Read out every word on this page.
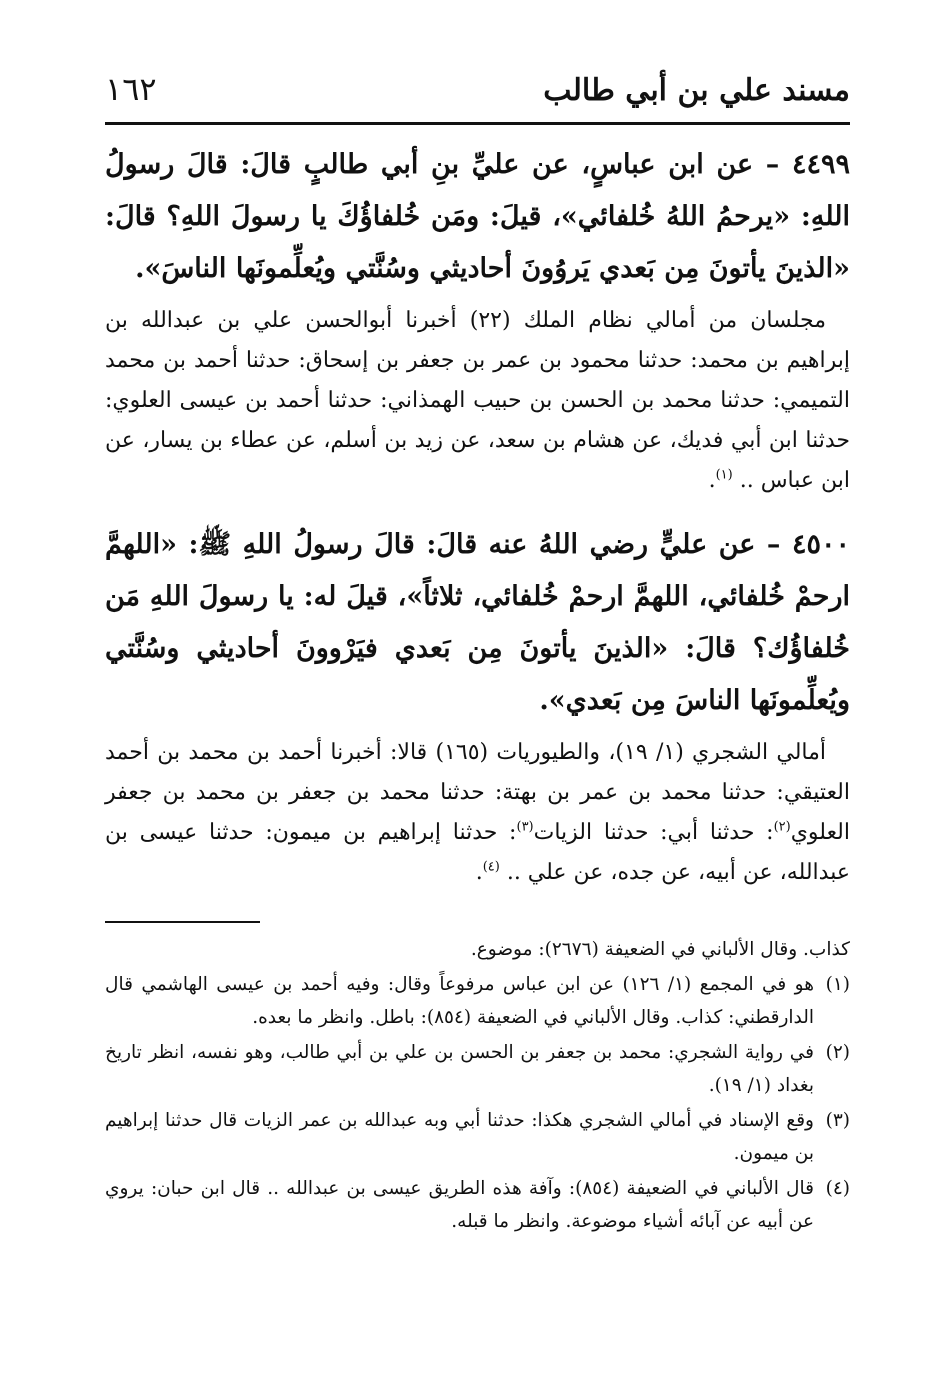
مسند علي بن أبي طالب
١٦٢

٤٤٩٩ – عن ابن عباسٍ، عن عليِّ بنِ أبي طالبٍ قالَ: قالَ رسولُ اللهِ: «يرحمُ اللهُ خُلفائي»، قيلَ: ومَن خُلفاؤُكَ يا رسولَ اللهِ؟ قالَ: «الذينَ يأتونَ مِن بَعدي يَروُونَ أحاديثي وسُنَّتي ويُعلِّمونَها الناسَ».

مجلسان من أمالي نظام الملك (٢٢) أخبرنا أبوالحسن علي بن عبدالله بن إبراهيم بن محمد: حدثنا محمود بن عمر بن جعفر بن إسحاق: حدثنا أحمد بن محمد التميمي: حدثنا محمد بن الحسن بن حبيب الهمذاني: حدثنا أحمد بن عيسى العلوي: حدثنا ابن أبي فديك، عن هشام بن سعد، عن زيد بن أسلم، عن عطاء بن يسار، عن ابن عباس .. $^{(١)}$.

٤٥٠٠ – عن عليٍّ رضي اللهُ عنه قالَ: قالَ رسولُ اللهِ ﷺ: «اللهمَّ ارحمْ خُلفائي، اللهمَّ ارحمْ خُلفائي، ثلاثاً»، قيلَ له: يا رسولَ اللهِ مَن خُلفاؤُك؟ قالَ: «الذينَ يأتونَ مِن بَعدي فيَرْوونَ أحاديثي وسُنَّتي ويُعلِّمونَها الناسَ مِن بَعدي».

أمالي الشجري (١/ ١٩)، والطيوريات (١٦٥) قالا: أخبرنا أحمد بن محمد بن أحمد العتيقي: حدثنا محمد بن عمر بن بهتة: حدثنا محمد بن جعفر بن محمد بن جعفر العلوي$^{(٢)}$: حدثنا أبي: حدثنا الزيات$^{(٣)}$: حدثنا إبراهيم بن ميمون: حدثنا عيسى بن عبدالله، عن أبيه، عن جده، عن علي .. $^{(٤)}$.

كذاب. وقال الألباني في الضعيفة (٢٦٧٦): موضوع.

(١)
هو في المجمع (١/ ١٢٦) عن ابن عباس مرفوعاً وقال: وفيه أحمد بن عيسى الهاشمي قال الدارقطني: كذاب. وقال الألباني في الضعيفة (٨٥٤): باطل. وانظر ما بعده.
(٢)
في رواية الشجري: محمد بن جعفر بن الحسن بن علي بن أبي طالب، وهو نفسه، انظر تاريخ بغداد (١/ ١٩).
(٣)
وقع الإسناد في أمالي الشجري هكذا: حدثنا أبي وبه عبدالله بن عمر الزيات قال حدثنا إبراهيم بن ميمون.
(٤)
قال الألباني في الضعيفة (٨٥٤): وآفة هذه الطريق عيسى بن عبدالله .. قال ابن حبان: يروي عن أبيه عن آبائه أشياء موضوعة. وانظر ما قبله.
